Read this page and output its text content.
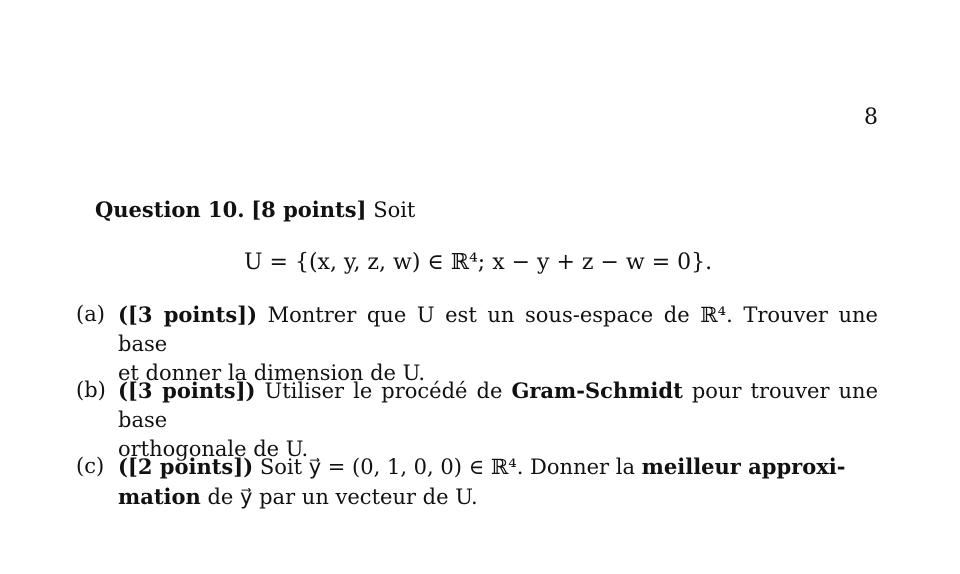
8
Question 10. [8 points] Soit
U = {(x, y, z, w) ∈ ℝ⁴; x − y + z − w = 0}.
(a) ([3 points]) Montrer que U est un sous-espace de ℝ⁴. Trouver une base
et donner la dimension de U.
(b) ([3 points]) Utiliser le procédé de Gram-Schmidt pour trouver une base
orthogonale de U.
(c) ([2 points]) Soit y⃗ = (0, 1, 0, 0) ∈ ℝ⁴. Donner la meilleur approxi-
mation de y⃗ par un vecteur de U.
